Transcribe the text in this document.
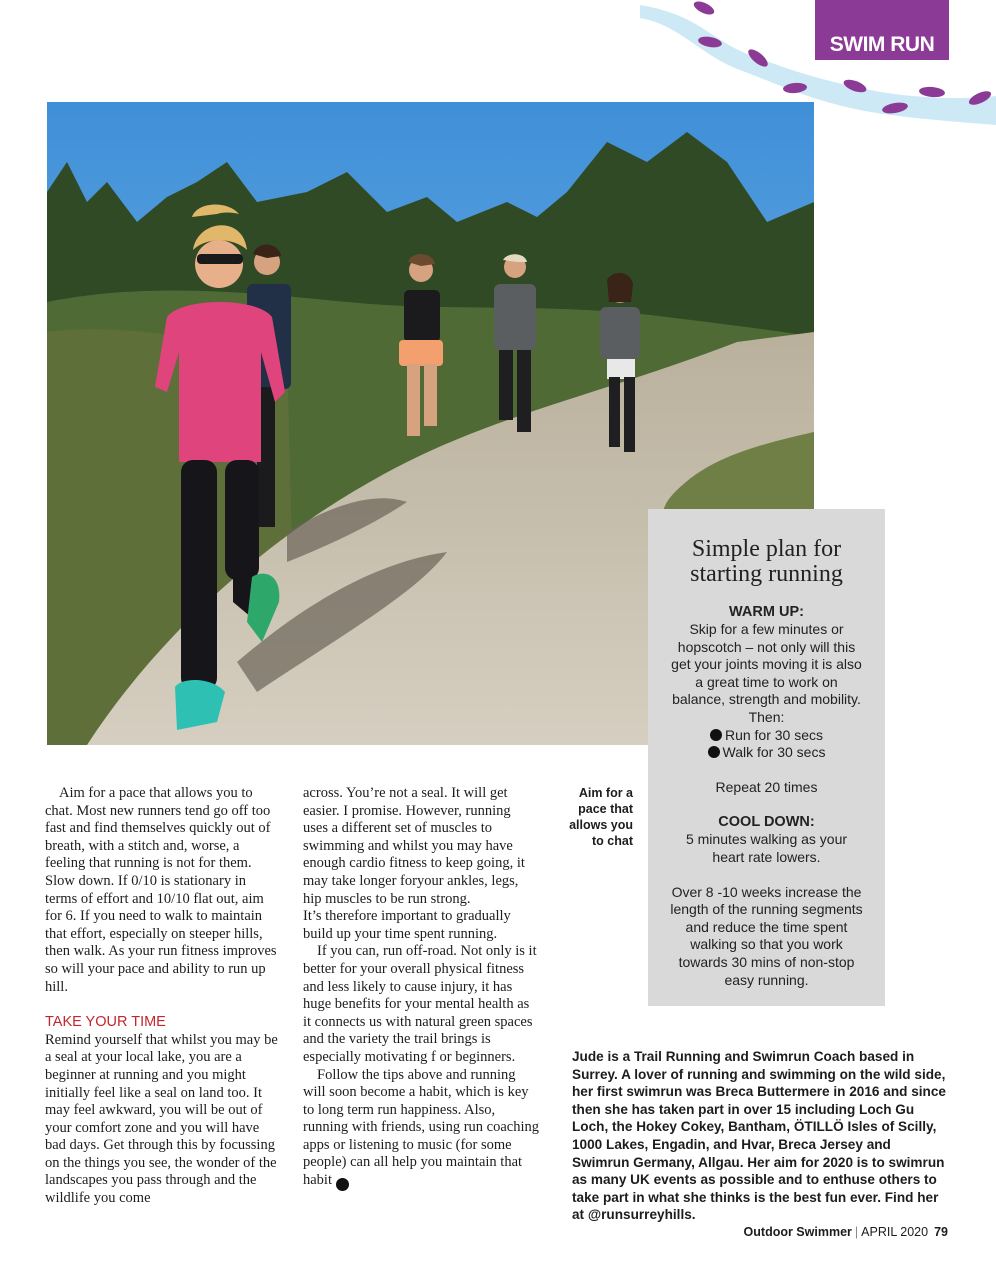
SWIM RUN
Simple plan for
starting running

WARM UP:

Skip for a few minutes or hopscotch – not only will this get your joints moving it is also a great time to work on balance, strength and mobility. Then:

Run for 30 secs

Walk for 30 secs

Repeat 20 times

COOL DOWN:

5 minutes walking as your heart rate lowers.

Over 8 -10 weeks increase the length of the running segments and reduce the time spent walking so that you work towards 30 mins of non-stop easy running.

Aim for a pace that allows you to chat. Most new runners tend go off too fast and find themselves quickly out of breath, with a stitch and, worse, a feeling that running is not for them. Slow down. If 0/10 is stationary in terms of effort and 10/10 flat out, aim for 6. If you need to walk to maintain that effort, especially on steeper hills, then walk. As your run fitness improves so will your pace and ability to run up hill.

TAKE YOUR TIME

Remind yourself that whilst you may be a seal at your local lake, you are a beginner at running and you might initially feel like a seal on land too. It may feel awkward, you will be out of your comfort zone and you will have bad days. Get through this by focussing on the things you see, the wonder of the landscapes you pass through and the wildlife you come

across. You’re not a seal. It will get easier. I promise. However, running uses a different set of muscles to swimming and whilst you may have enough cardio fitness to keep going, it may take longer foryour ankles, legs, hip muscles to be run strong.

It’s therefore important to gradually build up your time spent running.

If you can, run off-road. Not only is it better for your overall physical fitness and less likely to cause injury, it has huge benefits for your mental health as it connects us with natural green spaces and the variety the trail brings is especially motivating f or beginners.

Follow the tips above and running will soon become a habit, which is key to long term run happiness. Also, running with friends, using run coaching apps or listening to music (for some people) can all help you maintain that habit	OS

Aim for a pace that allows you to chat

Jude is a Trail Running and Swimrun Coach based in Surrey. A lover of running and swimming on the wild side, her first swimrun was Breca Buttermere in 2016 and since then she has taken part in over 15 including Loch Gu Loch, the Hokey Cokey, Bantham, ÖTILLÖ Isles of Scilly, 1000 Lakes, Engadin, and Hvar, Breca Jersey and Swimrun Germany, Allgau. Her aim for 2020 is to swimrun as many UK events as possible and to enthuse others to take part in what she thinks is the best fun ever. Find her at @runsurreyhills.

Outdoor Swimmer | APRIL 2020 79
